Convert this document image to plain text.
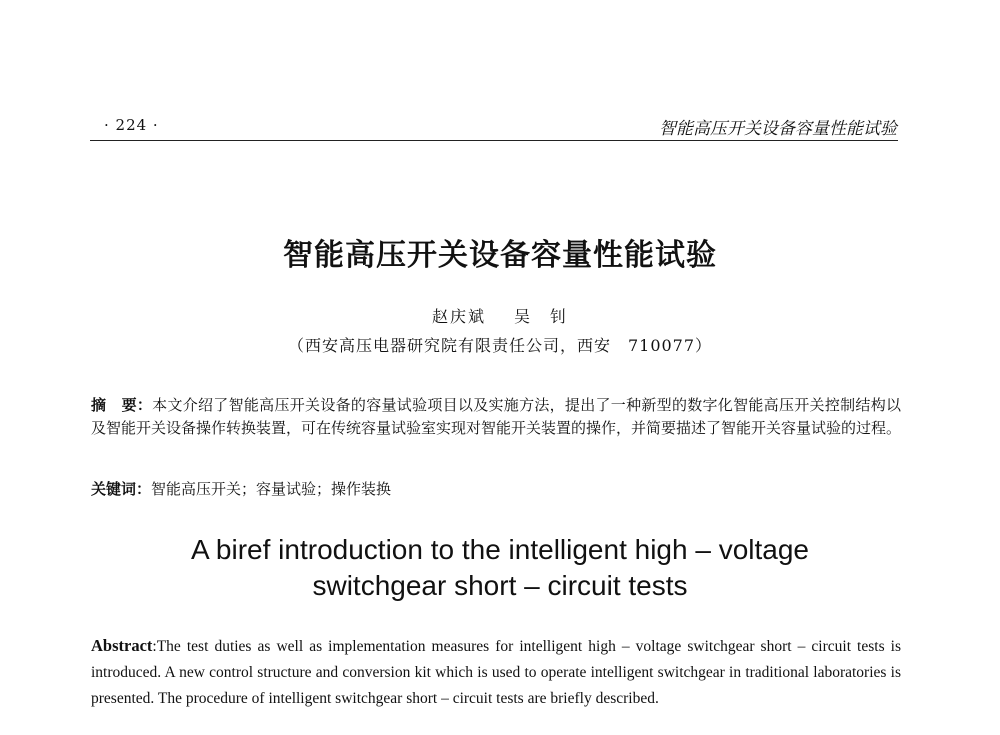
· 224 ·	智能高压开关设备容量性能试验
智能高压开关设备容量性能试验
赵庆斌 吴　钊
（西安高压电器研究院有限责任公司，西安　710077）
摘　要：本文介绍了智能高压开关设备的容量试验项目以及实施方法，提出了一种新型的数字化智能高压开关控制结构以及智能开关设备操作转换装置，可在传统容量试验室实现对智能开关装置的操作，并简要描述了智能开关容量试验的过程。
关键词：智能高压开关；容量试验；操作装换
A biref introduction to the intelligent high – voltage
switchgear short – circuit tests
Abstract:The test duties as well as implementation measures for intelligent high – voltage switchgear short – circuit tests is introduced. A new control structure and conversion kit which is used to operate intelligent switchgear in traditional laboratories is presented. The procedure of intelligent switchgear short – circuit tests are briefly described.
